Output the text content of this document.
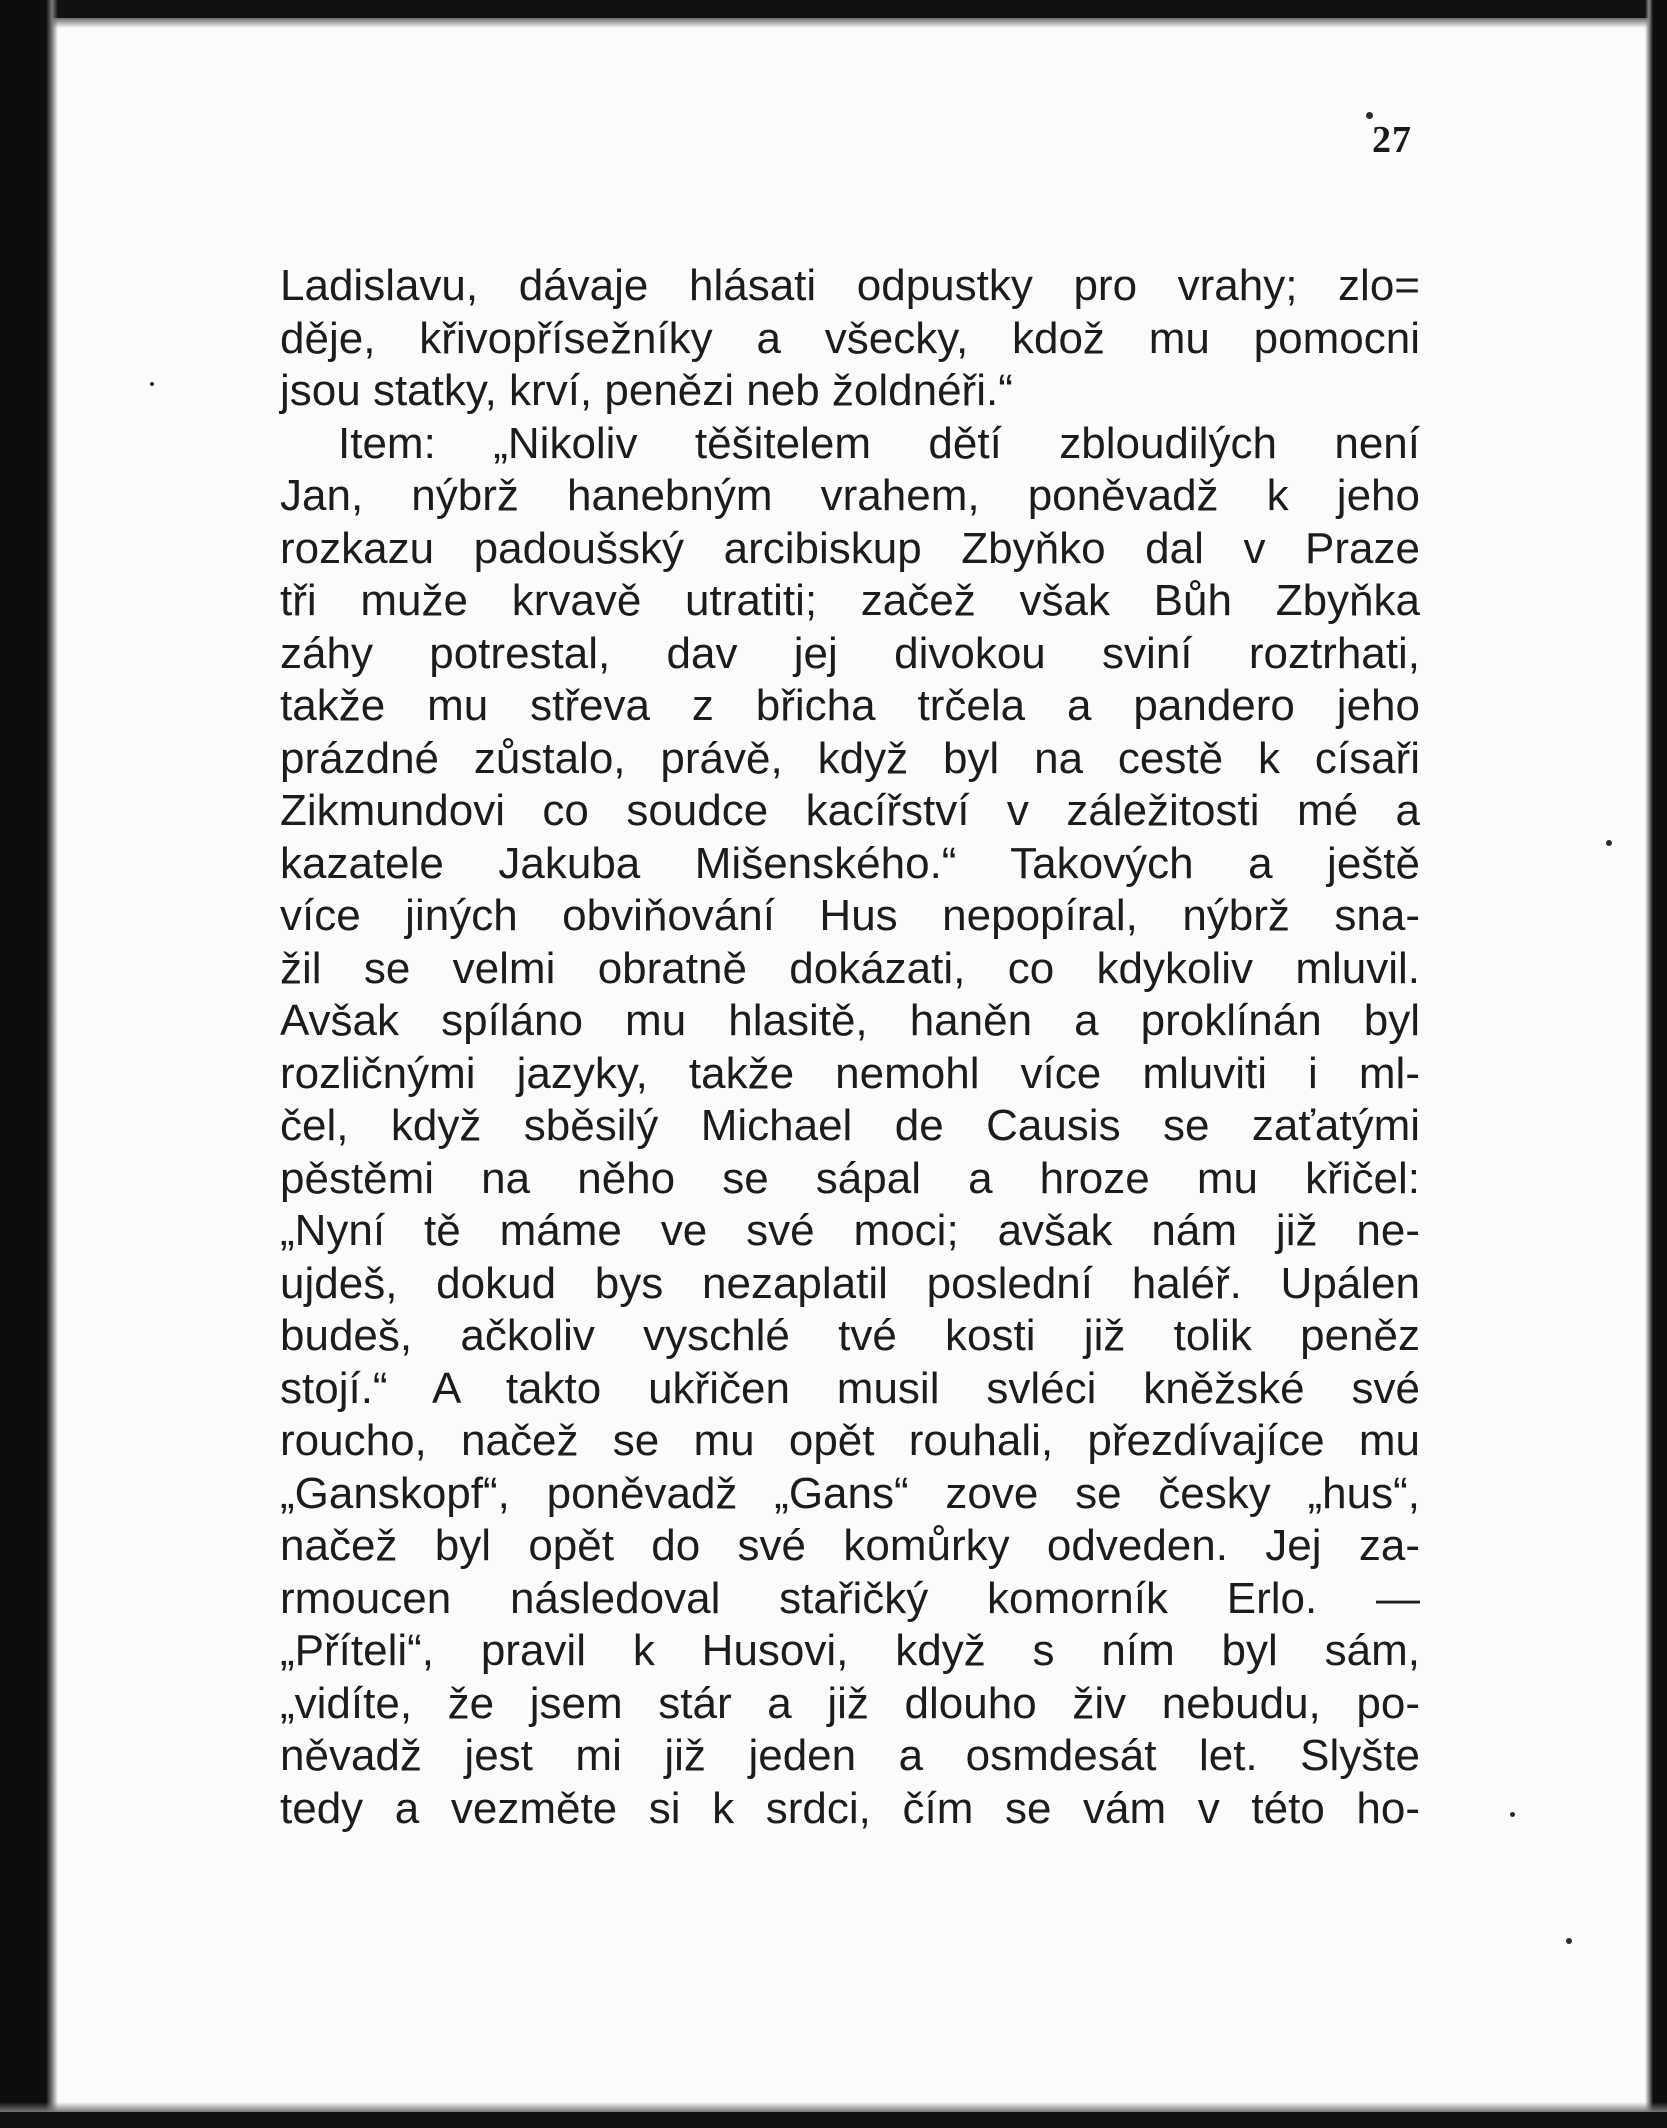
27
Ladislavu, dávaje hlásati odpustky pro vrahy; zlo=
děje, křivopřísežníky a všecky, kdož mu pomocni
jsou statky, krví, penězi neb žoldnéři.“
Item: „Nikoliv těšitelem dětí zbloudilých není
Jan, nýbrž hanebným vrahem, poněvadž k jeho
rozkazu padoušský arcibiskup Zbyňko dal v Praze
tři muže krvavě utratiti; začež však Bůh Zbyňka
záhy potrestal, dav jej divokou sviní roztrhati,
takže mu střeva z břicha trčela a pandero jeho
prázdné zůstalo, právě, když byl na cestě k císaři
Zikmundovi co soudce kacířství v záležitosti mé a
kazatele Jakuba Mišenského.“ Takových a ještě
více jiných obviňování Hus nepopíral, nýbrž sna-
žil se velmi obratně dokázati, co kdykoliv mluvil.
Avšak spíláno mu hlasitě, haněn a proklínán byl
rozličnými jazyky, takže nemohl více mluviti i ml-
čel, když sběsilý Michael de Causis se zaťatými
pěstěmi na něho se sápal a hroze mu křičel:
„Nyní tě máme ve své moci; avšak nám již ne-
ujdeš, dokud bys nezaplatil poslední haléř. Upálen
budeš, ačkoliv vyschlé tvé kosti již tolik peněz
stojí.“ A takto ukřičen musil svléci kněžské své
roucho, načež se mu opět rouhali, přezdívajíce mu
„Ganskopf“, poněvadž „Gans“ zove se česky „hus“,
načež byl opět do své komůrky odveden. Jej za-
rmoucen následoval stařičký komorník Erlo. —
„Příteli“, pravil k Husovi, když s ním byl sám,
„vidíte, že jsem stár a již dlouho živ nebudu, po-
něvadž jest mi již jeden a osmdesát let. Slyšte
tedy a vezměte si k srdci, čím se vám v této ho-
